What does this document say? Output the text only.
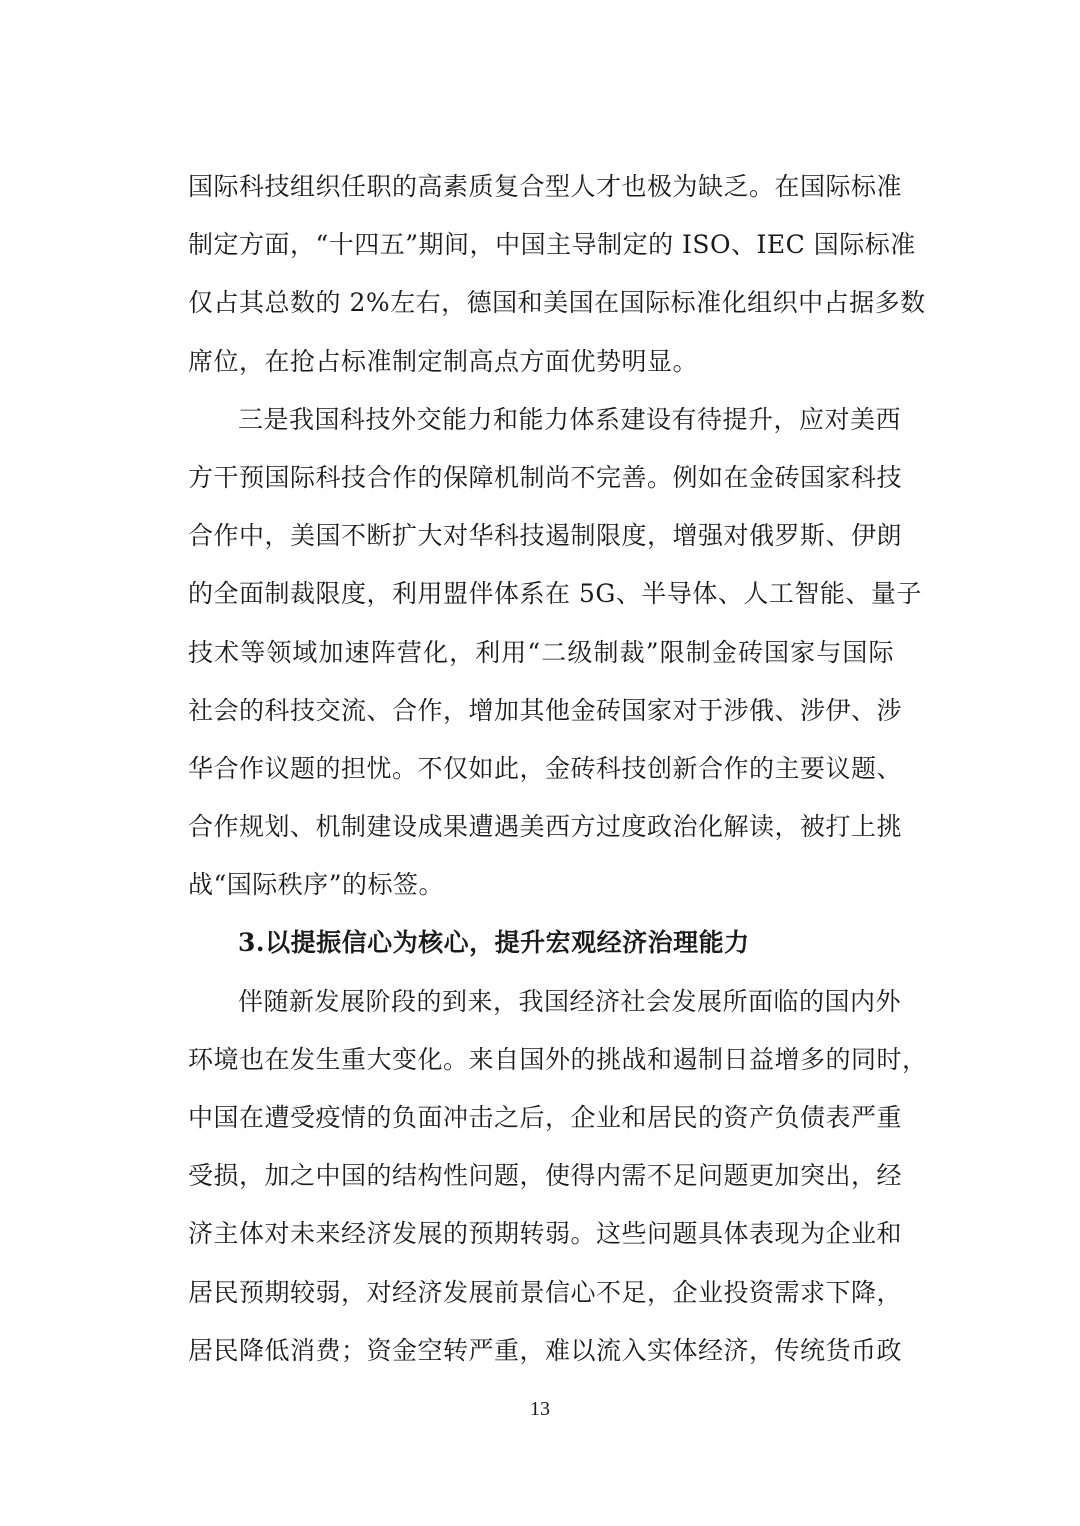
国际科技组织任职的高素质复合型人才也极为缺乏。在国际标准
制定方面，“十四五”期间，中国主导制定的 ISO、IEC 国际标准
仅占其总数的 2%左右，德国和美国在国际标准化组织中占据多数
席位，在抢占标准制定制高点方面优势明显。
三是我国科技外交能力和能力体系建设有待提升，应对美西
方干预国际科技合作的保障机制尚不完善。例如在金砖国家科技
合作中，美国不断扩大对华科技遏制限度，增强对俄罗斯、伊朗
的全面制裁限度，利用盟伴体系在 5G、半导体、人工智能、量子
技术等领域加速阵营化，利用“二级制裁”限制金砖国家与国际
社会的科技交流、合作，增加其他金砖国家对于涉俄、涉伊、涉
华合作议题的担忧。不仅如此，金砖科技创新合作的主要议题、
合作规划、机制建设成果遭遇美西方过度政治化解读，被打上挑
战“国际秩序”的标签。
3.以提振信心为核心，提升宏观经济治理能力
伴随新发展阶段的到来，我国经济社会发展所面临的国内外
环境也在发生重大变化。来自国外的挑战和遏制日益增多的同时，
中国在遭受疫情的负面冲击之后，企业和居民的资产负债表严重
受损，加之中国的结构性问题，使得内需不足问题更加突出，经
济主体对未来经济发展的预期转弱。这些问题具体表现为企业和
居民预期较弱，对经济发展前景信心不足，企业投资需求下降，
居民降低消费；资金空转严重，难以流入实体经济，传统货币政
13
